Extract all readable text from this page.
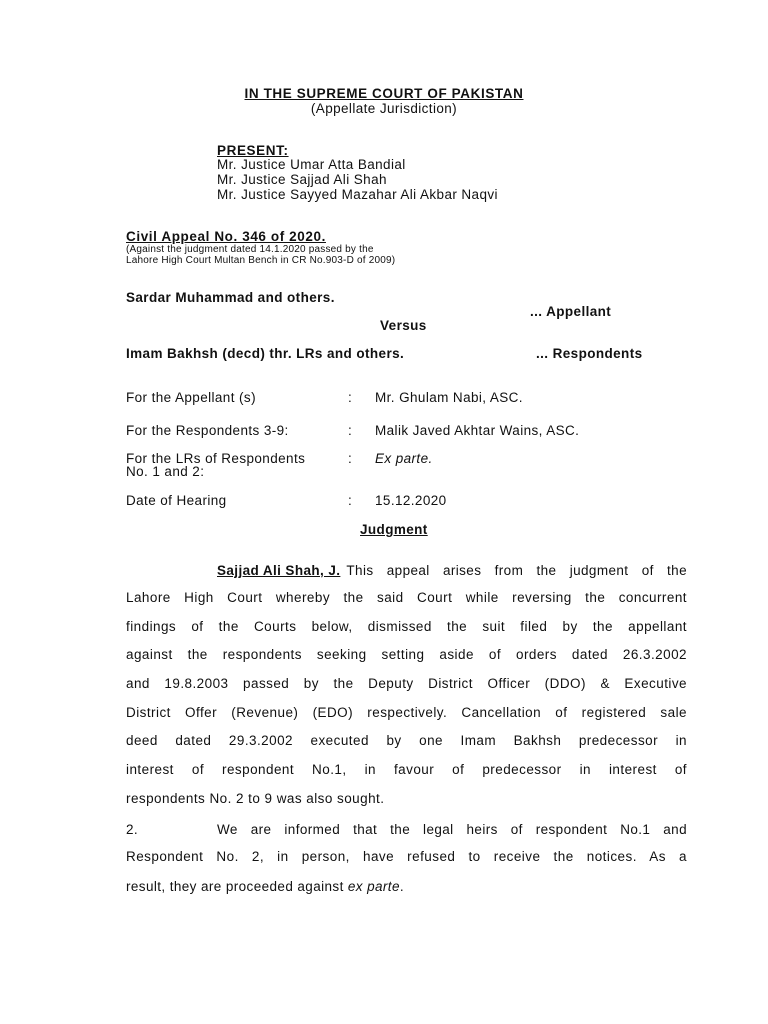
IN THE SUPREME COURT OF PAKISTAN
(Appellate Jurisdiction)
PRESENT:
Mr. Justice Umar Atta Bandial
Mr. Justice Sajjad Ali Shah
Mr. Justice Sayyed Mazahar Ali Akbar Naqvi
Civil Appeal No. 346 of 2020.
(Against the judgment dated 14.1.2020 passed by the
Lahore High Court Multan Bench in CR No.903-D of 2009)
Sardar Muhammad and others.
... Appellant
Versus
Imam Bakhsh (decd) thr. LRs and others.	... Respondents
For the Appellant (s)	: Mr. Ghulam Nabi, ASC.
For the Respondents 3-9:	: Malik Javed Akhtar Wains, ASC.
For the LRs of Respondents
No. 1 and 2:
: Ex parte.
Date of Hearing	: 15.12.2020
Judgment
Sajjad Ali Shah, J. This appeal arises from the judgment of the
Lahore High Court whereby the said Court while reversing the concurrent
findings of the Courts below, dismissed the suit filed by the appellant
against the respondents seeking setting aside of orders dated 26.3.2002
and 19.8.2003 passed by the Deputy District Officer (DDO) & Executive
District Offer (Revenue) (EDO) respectively. Cancellation of registered sale
deed dated 29.3.2002 executed by one Imam Bakhsh predecessor in
interest of respondent No.1, in favour of predecessor in interest of
respondents No. 2 to 9 was also sought.
2.	We are informed that the legal heirs of respondent No.1 and
Respondent No. 2, in person, have refused to receive the notices. As a
result, they are proceeded against ex parte.
